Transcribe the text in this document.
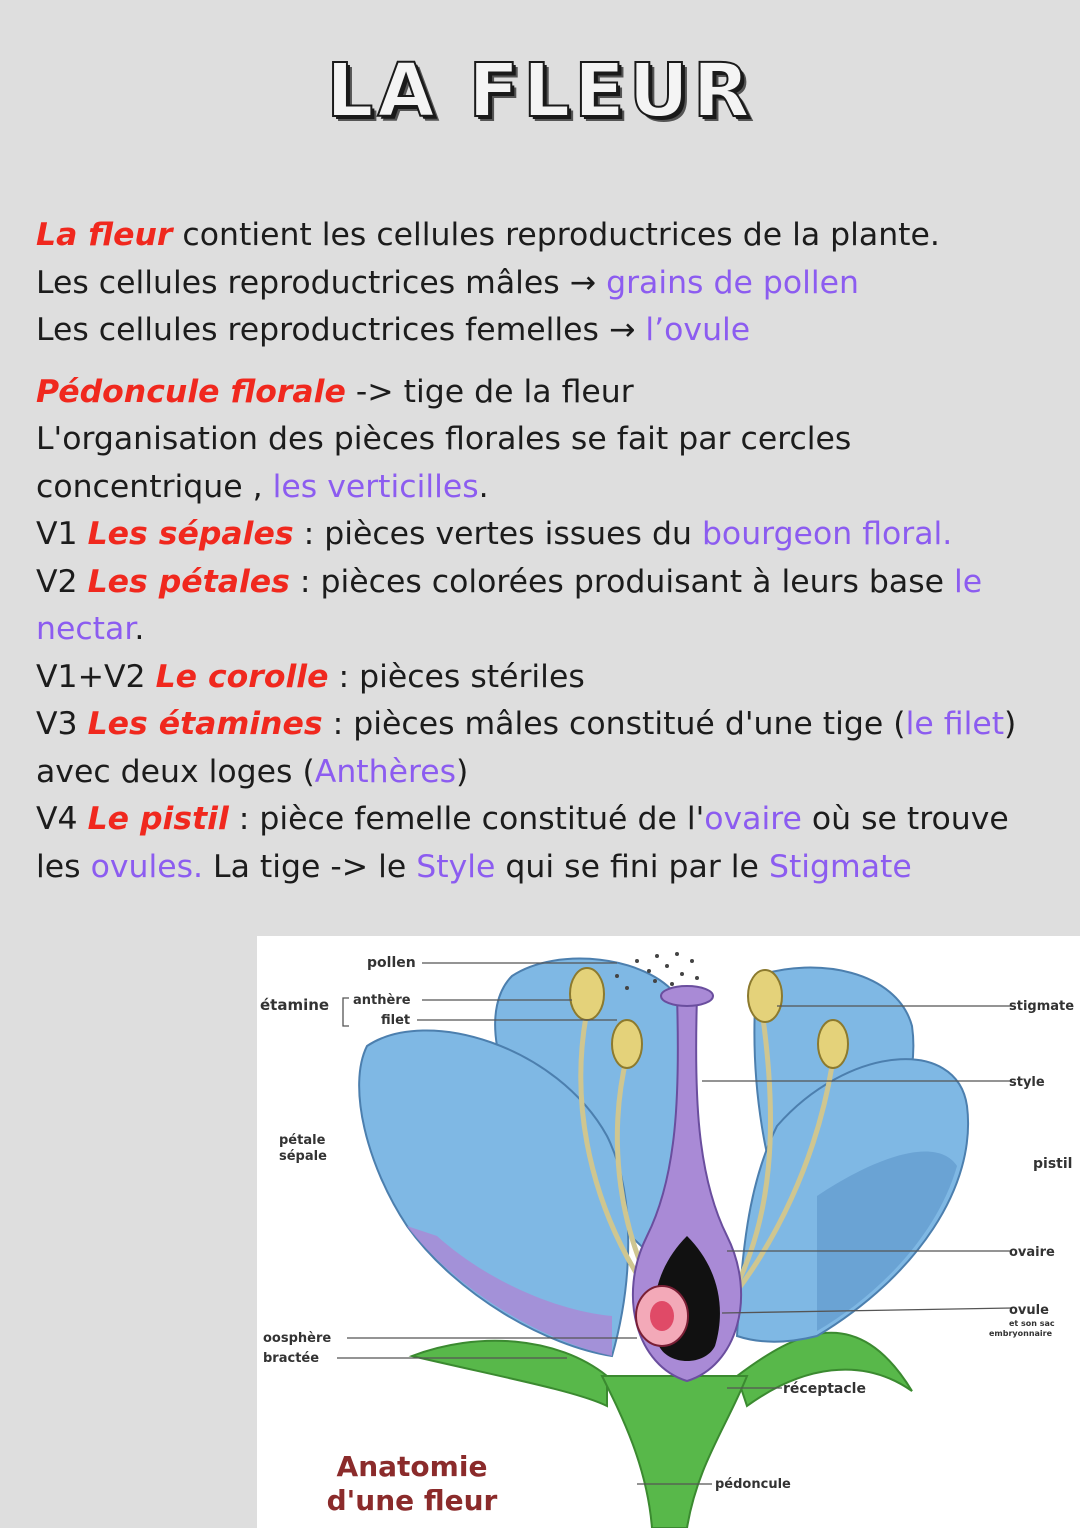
LA FLEUR

La fleur contient les cellules reproductrices de la plante.

Les cellules reproductrices mâles → grains de pollen

Les cellules reproductrices femelles → l’ovule

Pédoncule florale -> tige de la fleur

L'organisation des pièces florales se fait par cercles concentrique , les verticilles.

V1 Les sépales : pièces vertes issues du bourgeon floral.

V2 Les pétales : pièces colorées produisant à leurs base le nectar.

V1+V2 Le corolle : pièces stériles

V3 Les étamines : pièces mâles constitué d'une tige (le filet) avec deux loges (Anthères)

V4 Le pistil : pièce femelle constitué de l'ovaire où se trouve les ovules. La tige -> le Style qui se fini par le Stigmate

pollen
étamine anthère
filet
pétale
sépale
oosphère
bractée
stigmate
style
pistil
ovaire
ovule
et son sac
embryonnaire
réceptacle
pédoncule
Anatomie
d'une fleur
